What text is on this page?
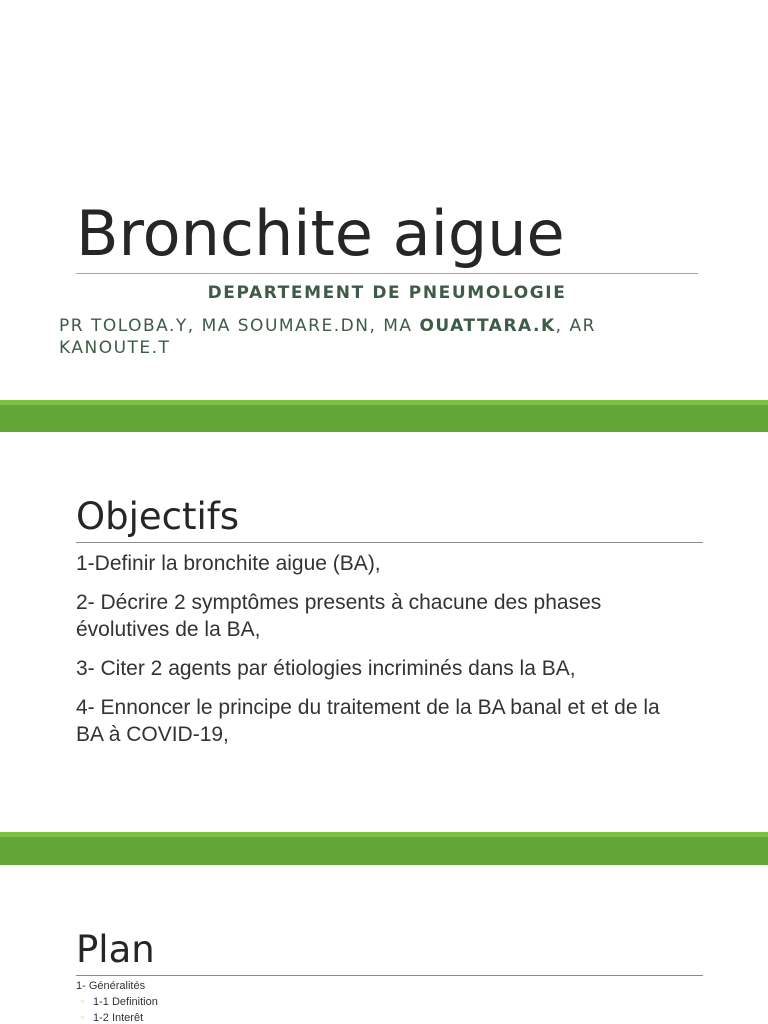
Bronchite aigue
DEPARTEMENT DE PNEUMOLOGIE
PR TOLOBA.Y, MA SOUMARE.DN, MA OUATTARA.K, AR KANOUTE.T
Objectifs
1-Definir la bronchite aigue (BA),
2- Décrire 2 symptômes presents à chacune des phases évolutives de la BA,
3- Citer 2 agents par étiologies incriminés dans la BA,
4- Ennoncer le principe du traitement de la BA banal et et de la BA à COVID-19,
Plan
1- Généralités
▫ 1-1 Definition
▫ 1-2 Interêt
